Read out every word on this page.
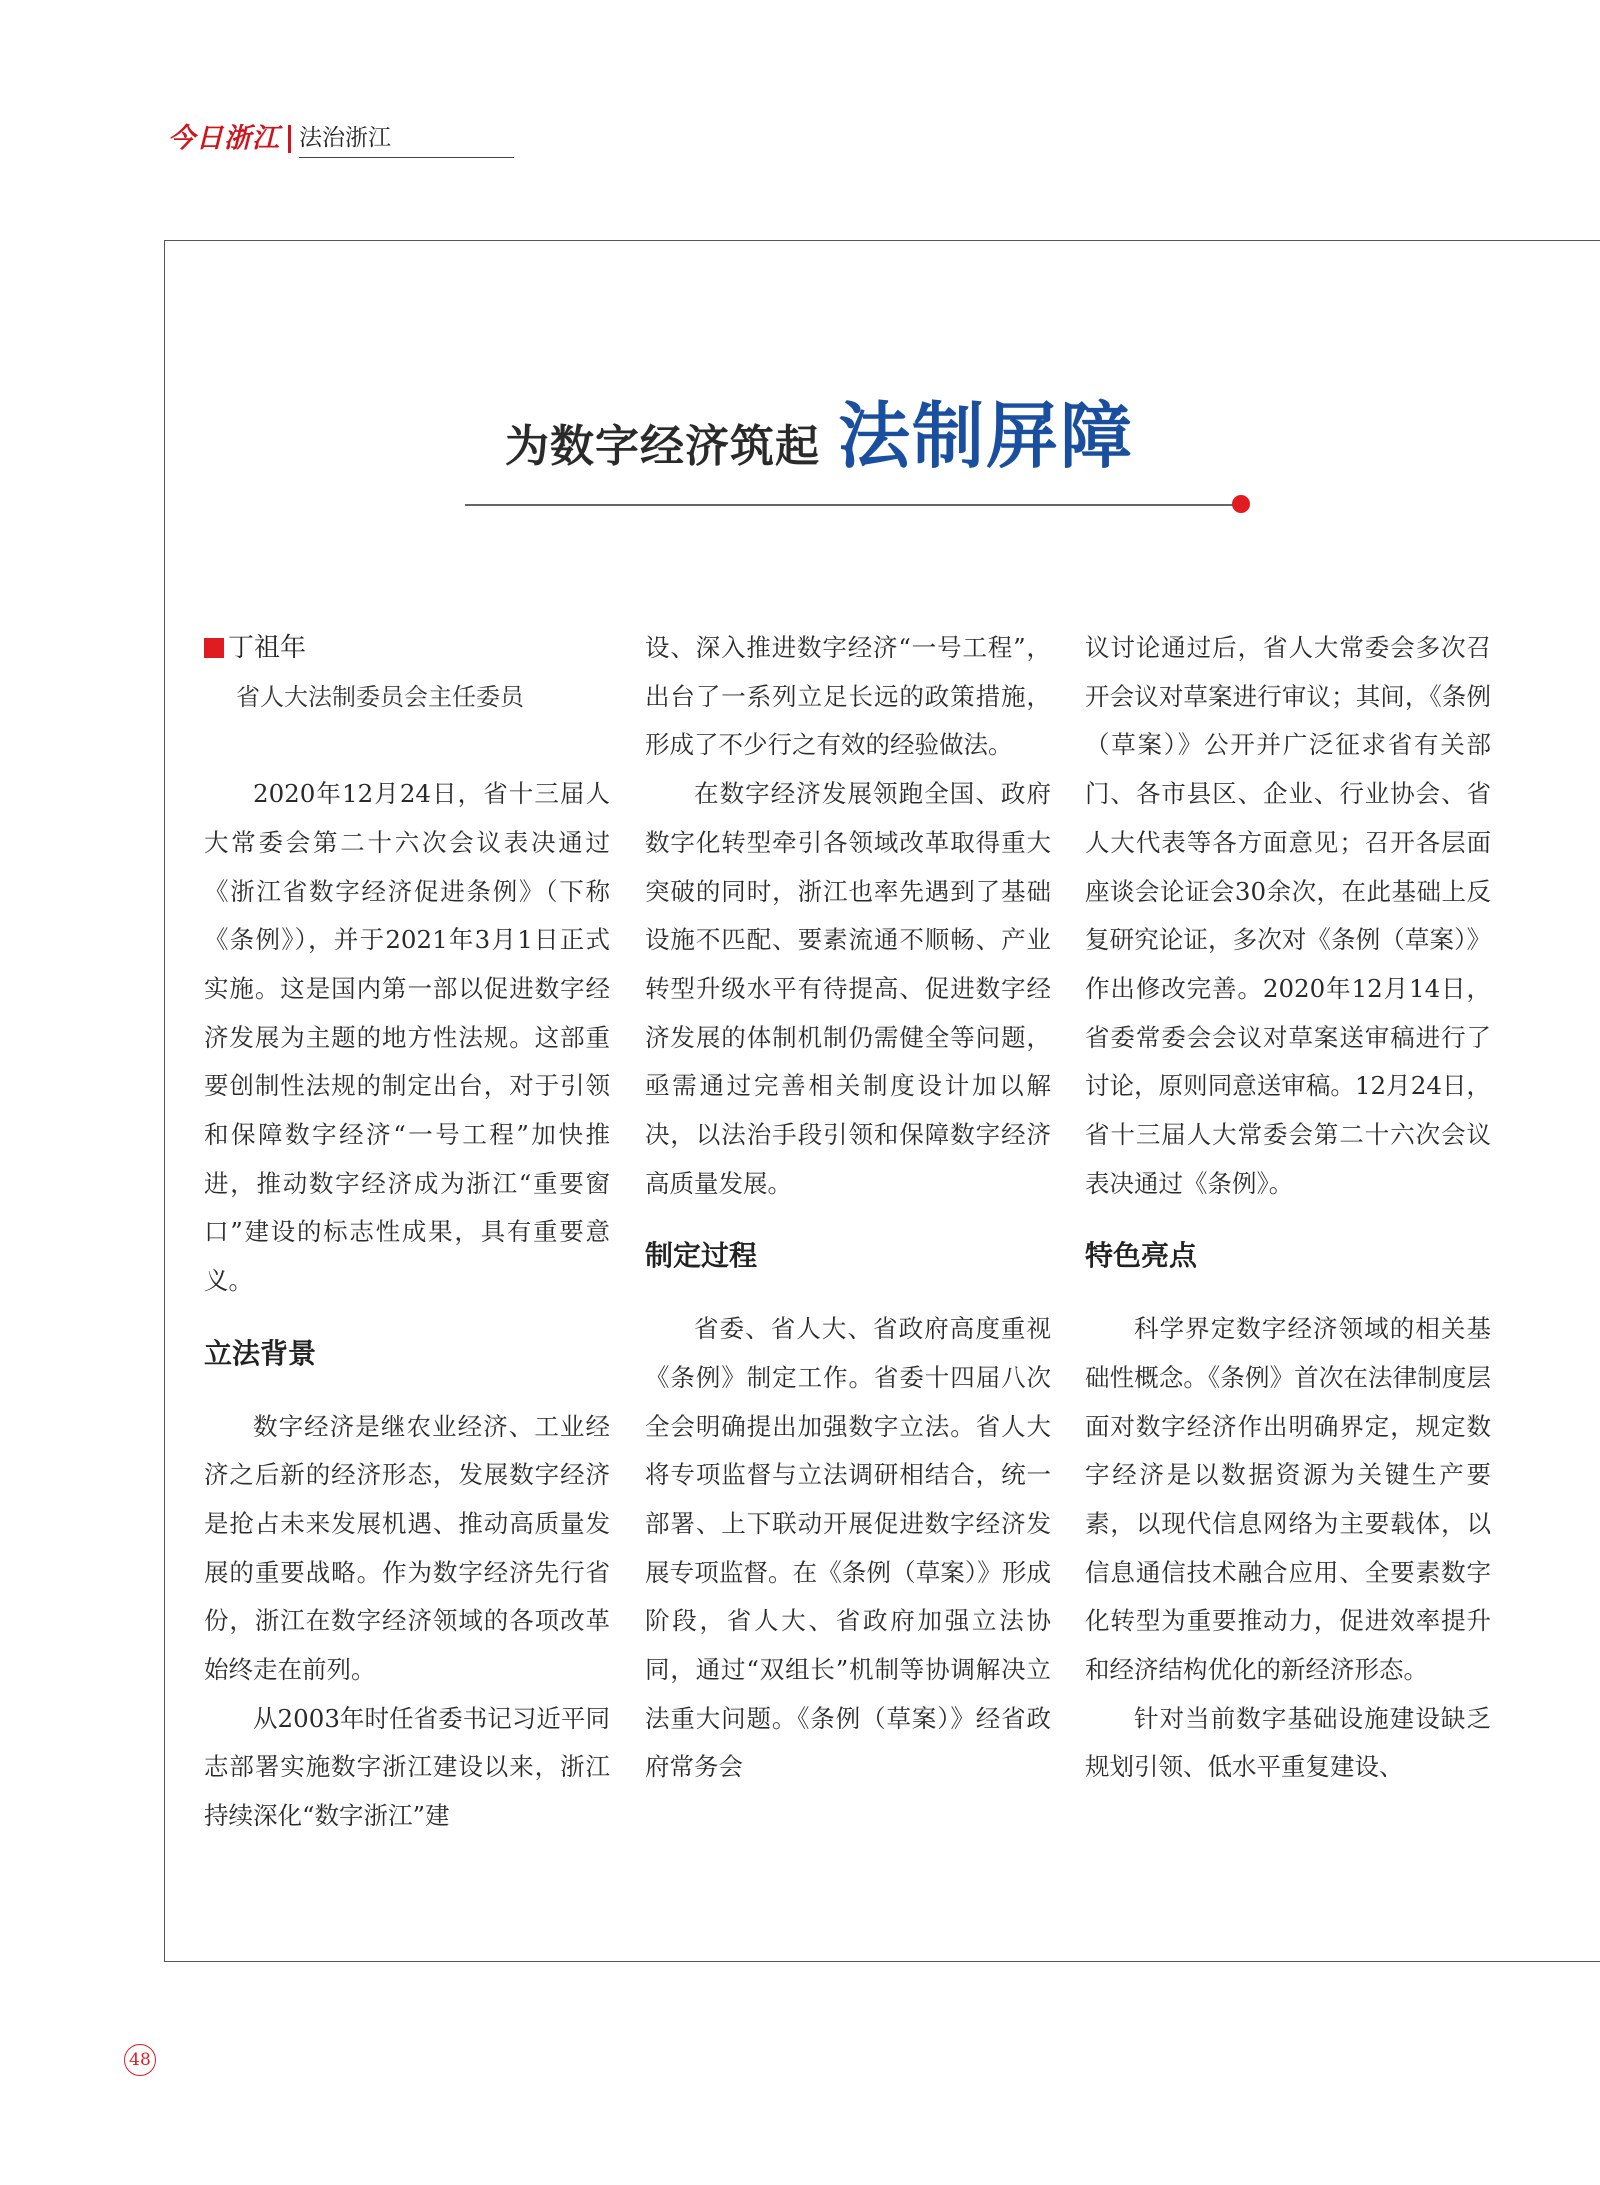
今日浙江 法治浙江
为数字经济筑起 法制屏障
丁祖年
省人大法制委员会主任委员

2020年12月24日，省十三届人大常委会第二十六次会议表决通过《浙江省数字经济促进条例》（下称《条例》），并于2021年3月1日正式实施。这是国内第一部以促进数字经济发展为主题的地方性法规。这部重要创制性法规的制定出台，对于引领和保障数字经济“一号工程”加快推进，推动数字经济成为浙江“重要窗口”建设的标志性成果，具有重要意义。

立法背景

数字经济是继农业经济、工业经济之后新的经济形态，发展数字经济是抢占未来发展机遇、推动高质量发展的重要战略。作为数字经济先行省份，浙江在数字经济领域的各项改革始终走在前列。

从2003年时任省委书记习近平同志部署实施数字浙江建设以来，浙江持续深化“数字浙江”建

设、深入推进数字经济“一号工程”，出台了一系列立足长远的政策措施，形成了不少行之有效的经验做法。

在数字经济发展领跑全国、政府数字化转型牵引各领域改革取得重大突破的同时，浙江也率先遇到了基础设施不匹配、要素流通不顺畅、产业转型升级水平有待提高、促进数字经济发展的体制机制仍需健全等问题，亟需通过完善相关制度设计加以解决，以法治手段引领和保障数字经济高质量发展。

制定过程

省委、省人大、省政府高度重视《条例》制定工作。省委十四届八次全会明确提出加强数字立法。省人大将专项监督与立法调研相结合，统一部署、上下联动开展促进数字经济发展专项监督。在《条例（草案）》形成阶段，省人大、省政府加强立法协同，通过“双组长”机制等协调解决立法重大问题。《条例（草案）》经省政府常务会

议讨论通过后，省人大常委会多次召开会议对草案进行审议；其间，《条例（草案）》公开并广泛征求省有关部门、各市县区、企业、行业协会、省人大代表等各方面意见；召开各层面座谈会论证会30余次，在此基础上反复研究论证，多次对《条例（草案）》作出修改完善。2020年12月14日，省委常委会会议对草案送审稿进行了讨论，原则同意送审稿。12月24日，省十三届人大常委会第二十六次会议表决通过《条例》。

特色亮点

科学界定数字经济领域的相关基础性概念。《条例》首次在法律制度层面对数字经济作出明确界定，规定数字经济是以数据资源为关键生产要素，以现代信息网络为主要载体，以信息通信技术融合应用、全要素数字化转型为重要推动力，促进效率提升和经济结构优化的新经济形态。

针对当前数字基础设施建设缺乏规划引领、低水平重复建设、

48
